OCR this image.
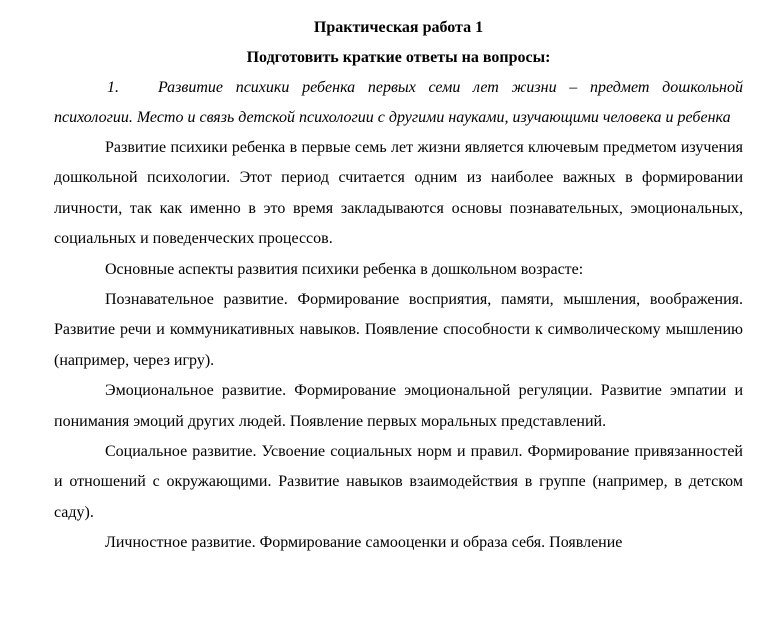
Практическая работа 1

Подготовить краткие ответы на вопросы:

1. Развитие психики ребенка первых семи лет жизни – предмет дошкольной психологии. Место и связь детской психологии с другими науками, изучающими человека и ребенка

Развитие психики ребенка в первые семь лет жизни является ключевым предметом изучения дошкольной психологии. Этот период считается одним из наиболее важных в формировании личности, так как именно в это время закладываются основы познавательных, эмоциональных, социальных и поведенческих процессов.

Основные аспекты развития психики ребенка в дошкольном возрасте:

Познавательное развитие. Формирование восприятия, памяти, мышления, воображения. Развитие речи и коммуникативных навыков. Появление способности к символическому мышлению (например, через игру).

Эмоциональное развитие. Формирование эмоциональной регуляции. Развитие эмпатии и понимания эмоций других людей. Появление первых моральных представлений.

Социальное развитие. Усвоение социальных норм и правил. Формирование привязанностей и отношений с окружающими. Развитие навыков взаимодействия в группе (например, в детском саду).

Личностное развитие. Формирование самооценки и образа себя. Появление
